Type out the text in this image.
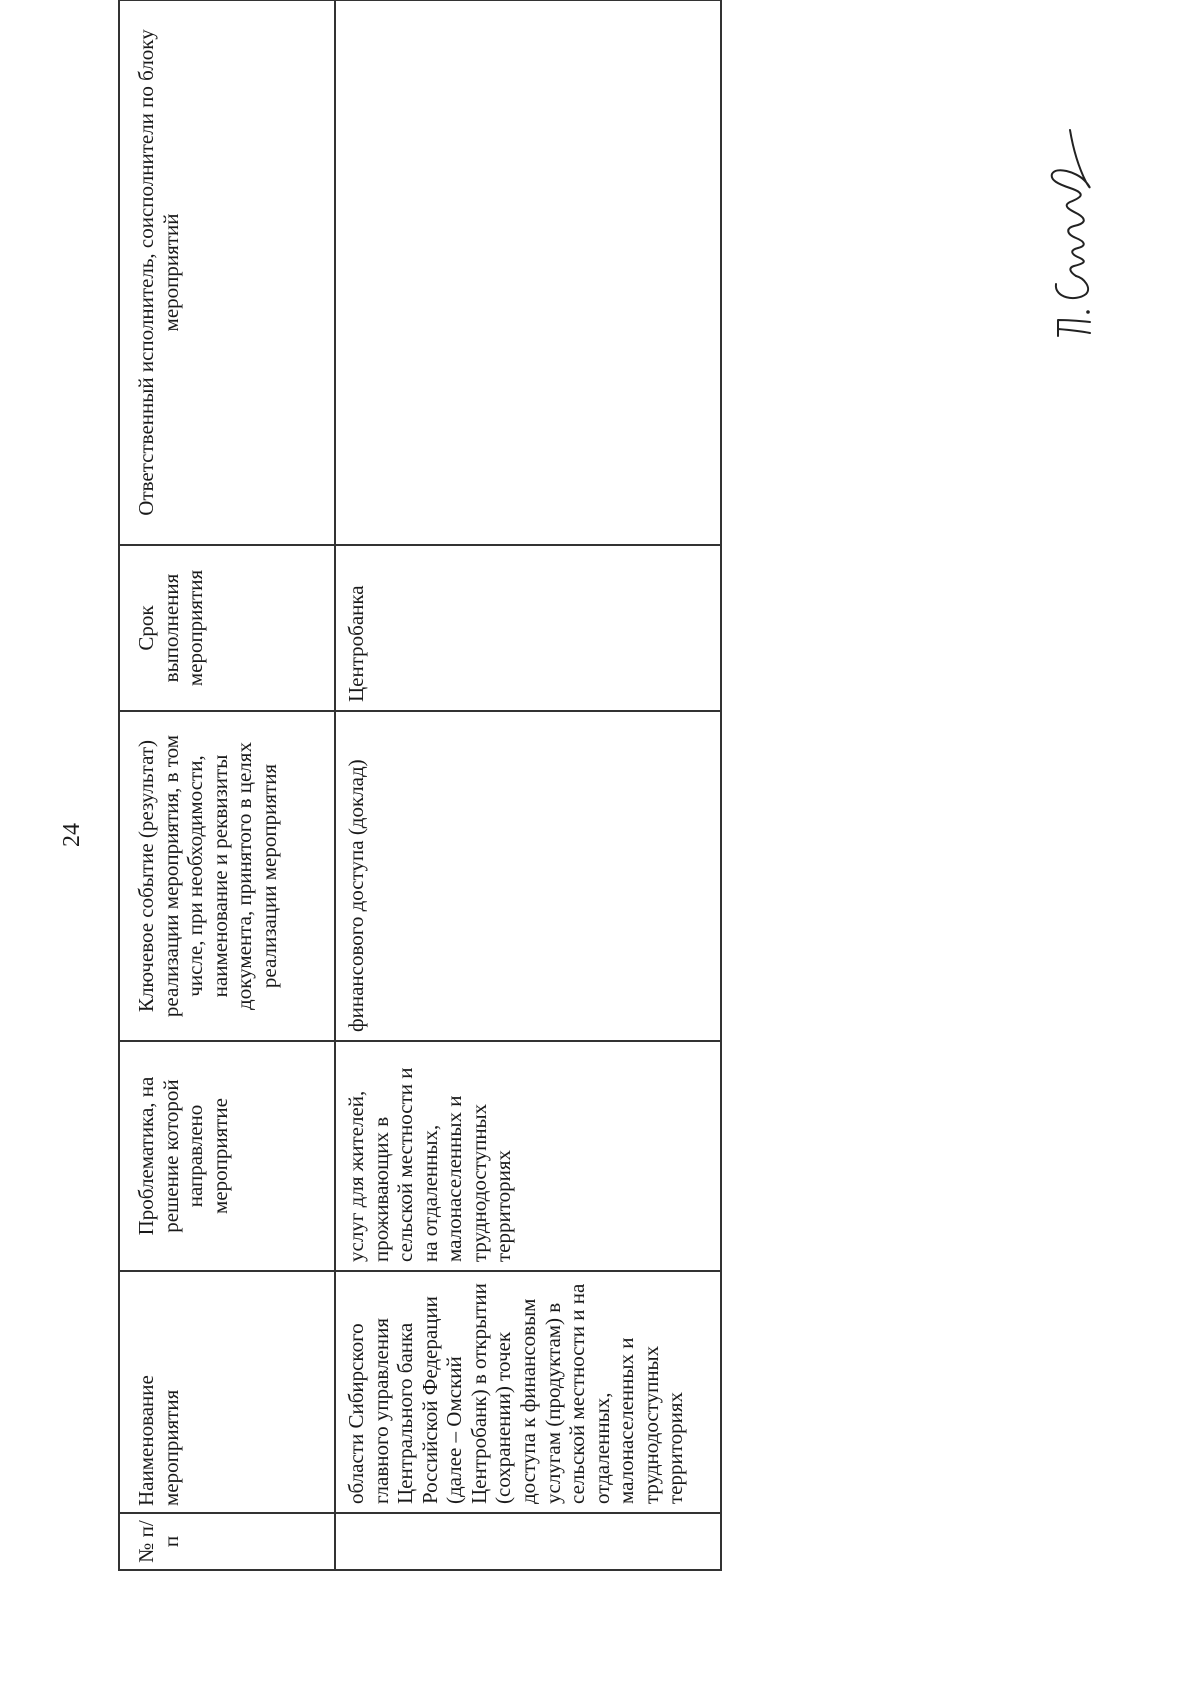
24
№ п/п	Наименование мероприятия	Проблематика, на решение которой направлено мероприятие	Ключевое событие (результат) реализации мероприятия, в том числе, при необходимости, наименование и реквизиты документа, принятого в целях реализации мероприятия	Срок выполнения мероприятия	Ответственный исполнитель, соисполнители по блоку мероприятий
	области Сибирского главного управления Центрального банка Российской Федерации (далее – Омский Центробанк) в открытии (сохранении) точек доступа к финансовым услугам (продуктам) в сельской местности и на отдаленных, малонаселенных и труднодоступных территориях	услуг для жителей, проживающих в сельской местности и на отдаленных, малонаселенных и труднодоступных территориях	финансового доступа (доклад)	Центробанка	
